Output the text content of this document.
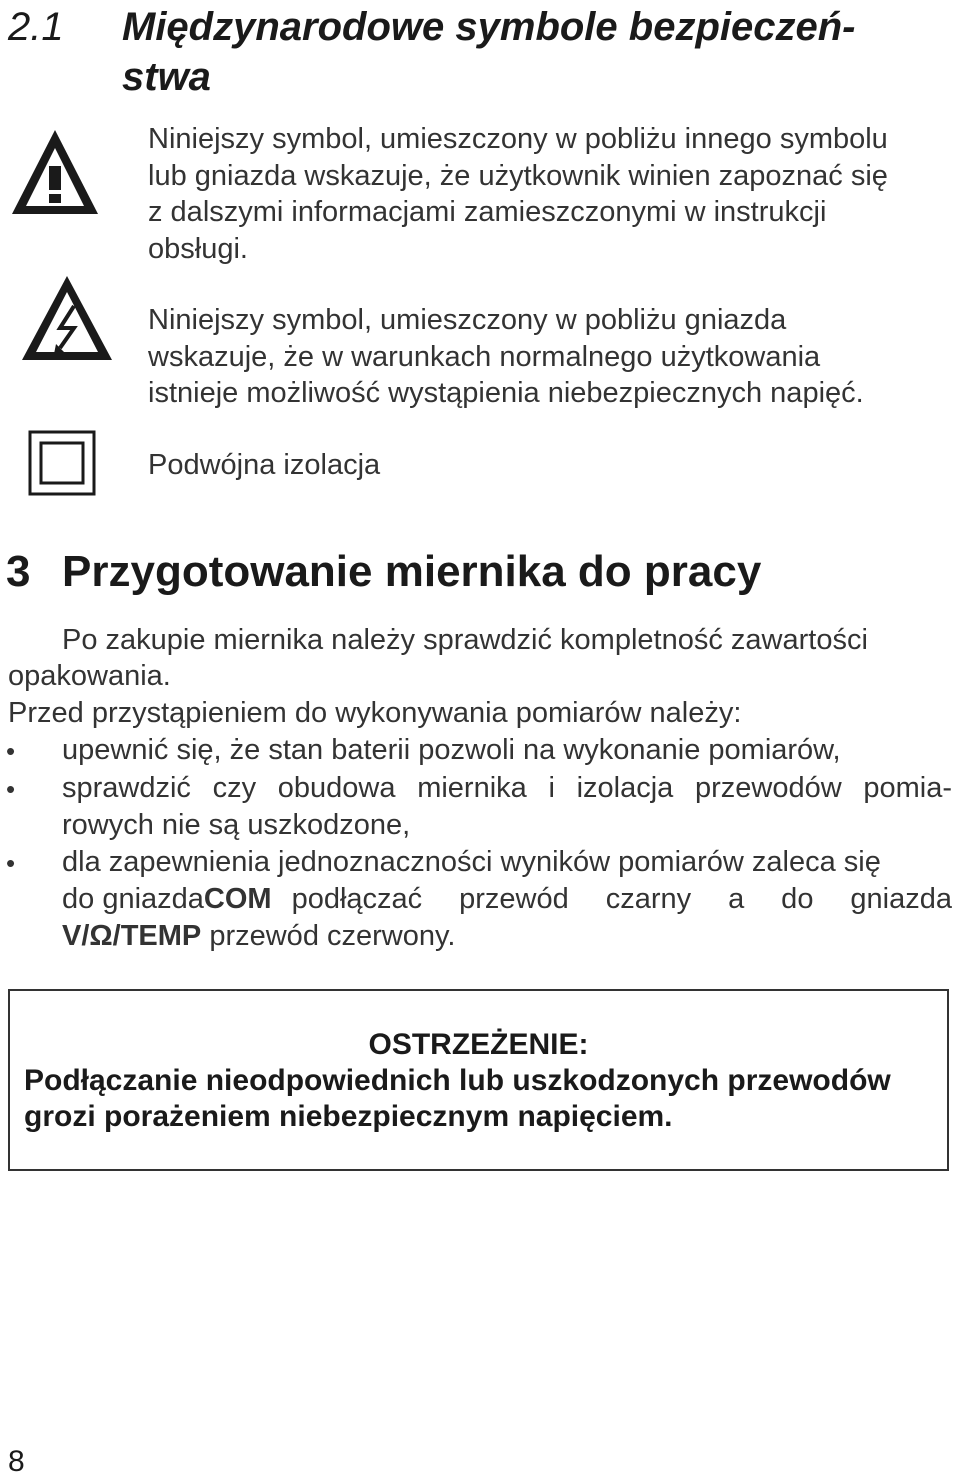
2.1 Międzynarodowe symbole bezpieczeń-
stwa
Niniejszy symbol, umieszczony w pobliżu innego symbolu
lub gniazda wskazuje, że użytkownik winien zapoznać się
z dalszymi informacjami zamieszczonymi w instrukcji
obsługi.
Niniejszy symbol, umieszczony w pobliżu gniazda
wskazuje, że w warunkach normalnego użytkowania
istnieje możliwość wystąpienia niebezpiecznych napięć.
Podwójna izolacja
3 Przygotowanie miernika do pracy
Po zakupie miernika należy sprawdzić kompletność zawartości
opakowania.
Przed przystąpieniem do wykonywania pomiarów należy:
• upewnić się, że stan baterii pozwoli na wykonanie pomiarów,
• sprawdzić czy obudowa miernika i izolacja przewodów pomia-
rowych nie są uszkodzone,
• dla zapewnienia jednoznaczności wyników pomiarów zaleca się
do gniazda COM podłączać przewód czarny a do gniazda
V/Ω/TEMP przewód czerwony.
OSTRZEŻENIE:
Podłączanie nieodpowiednich lub uszkodzonych przewodów
grozi porażeniem niebezpiecznym napięciem.
8
